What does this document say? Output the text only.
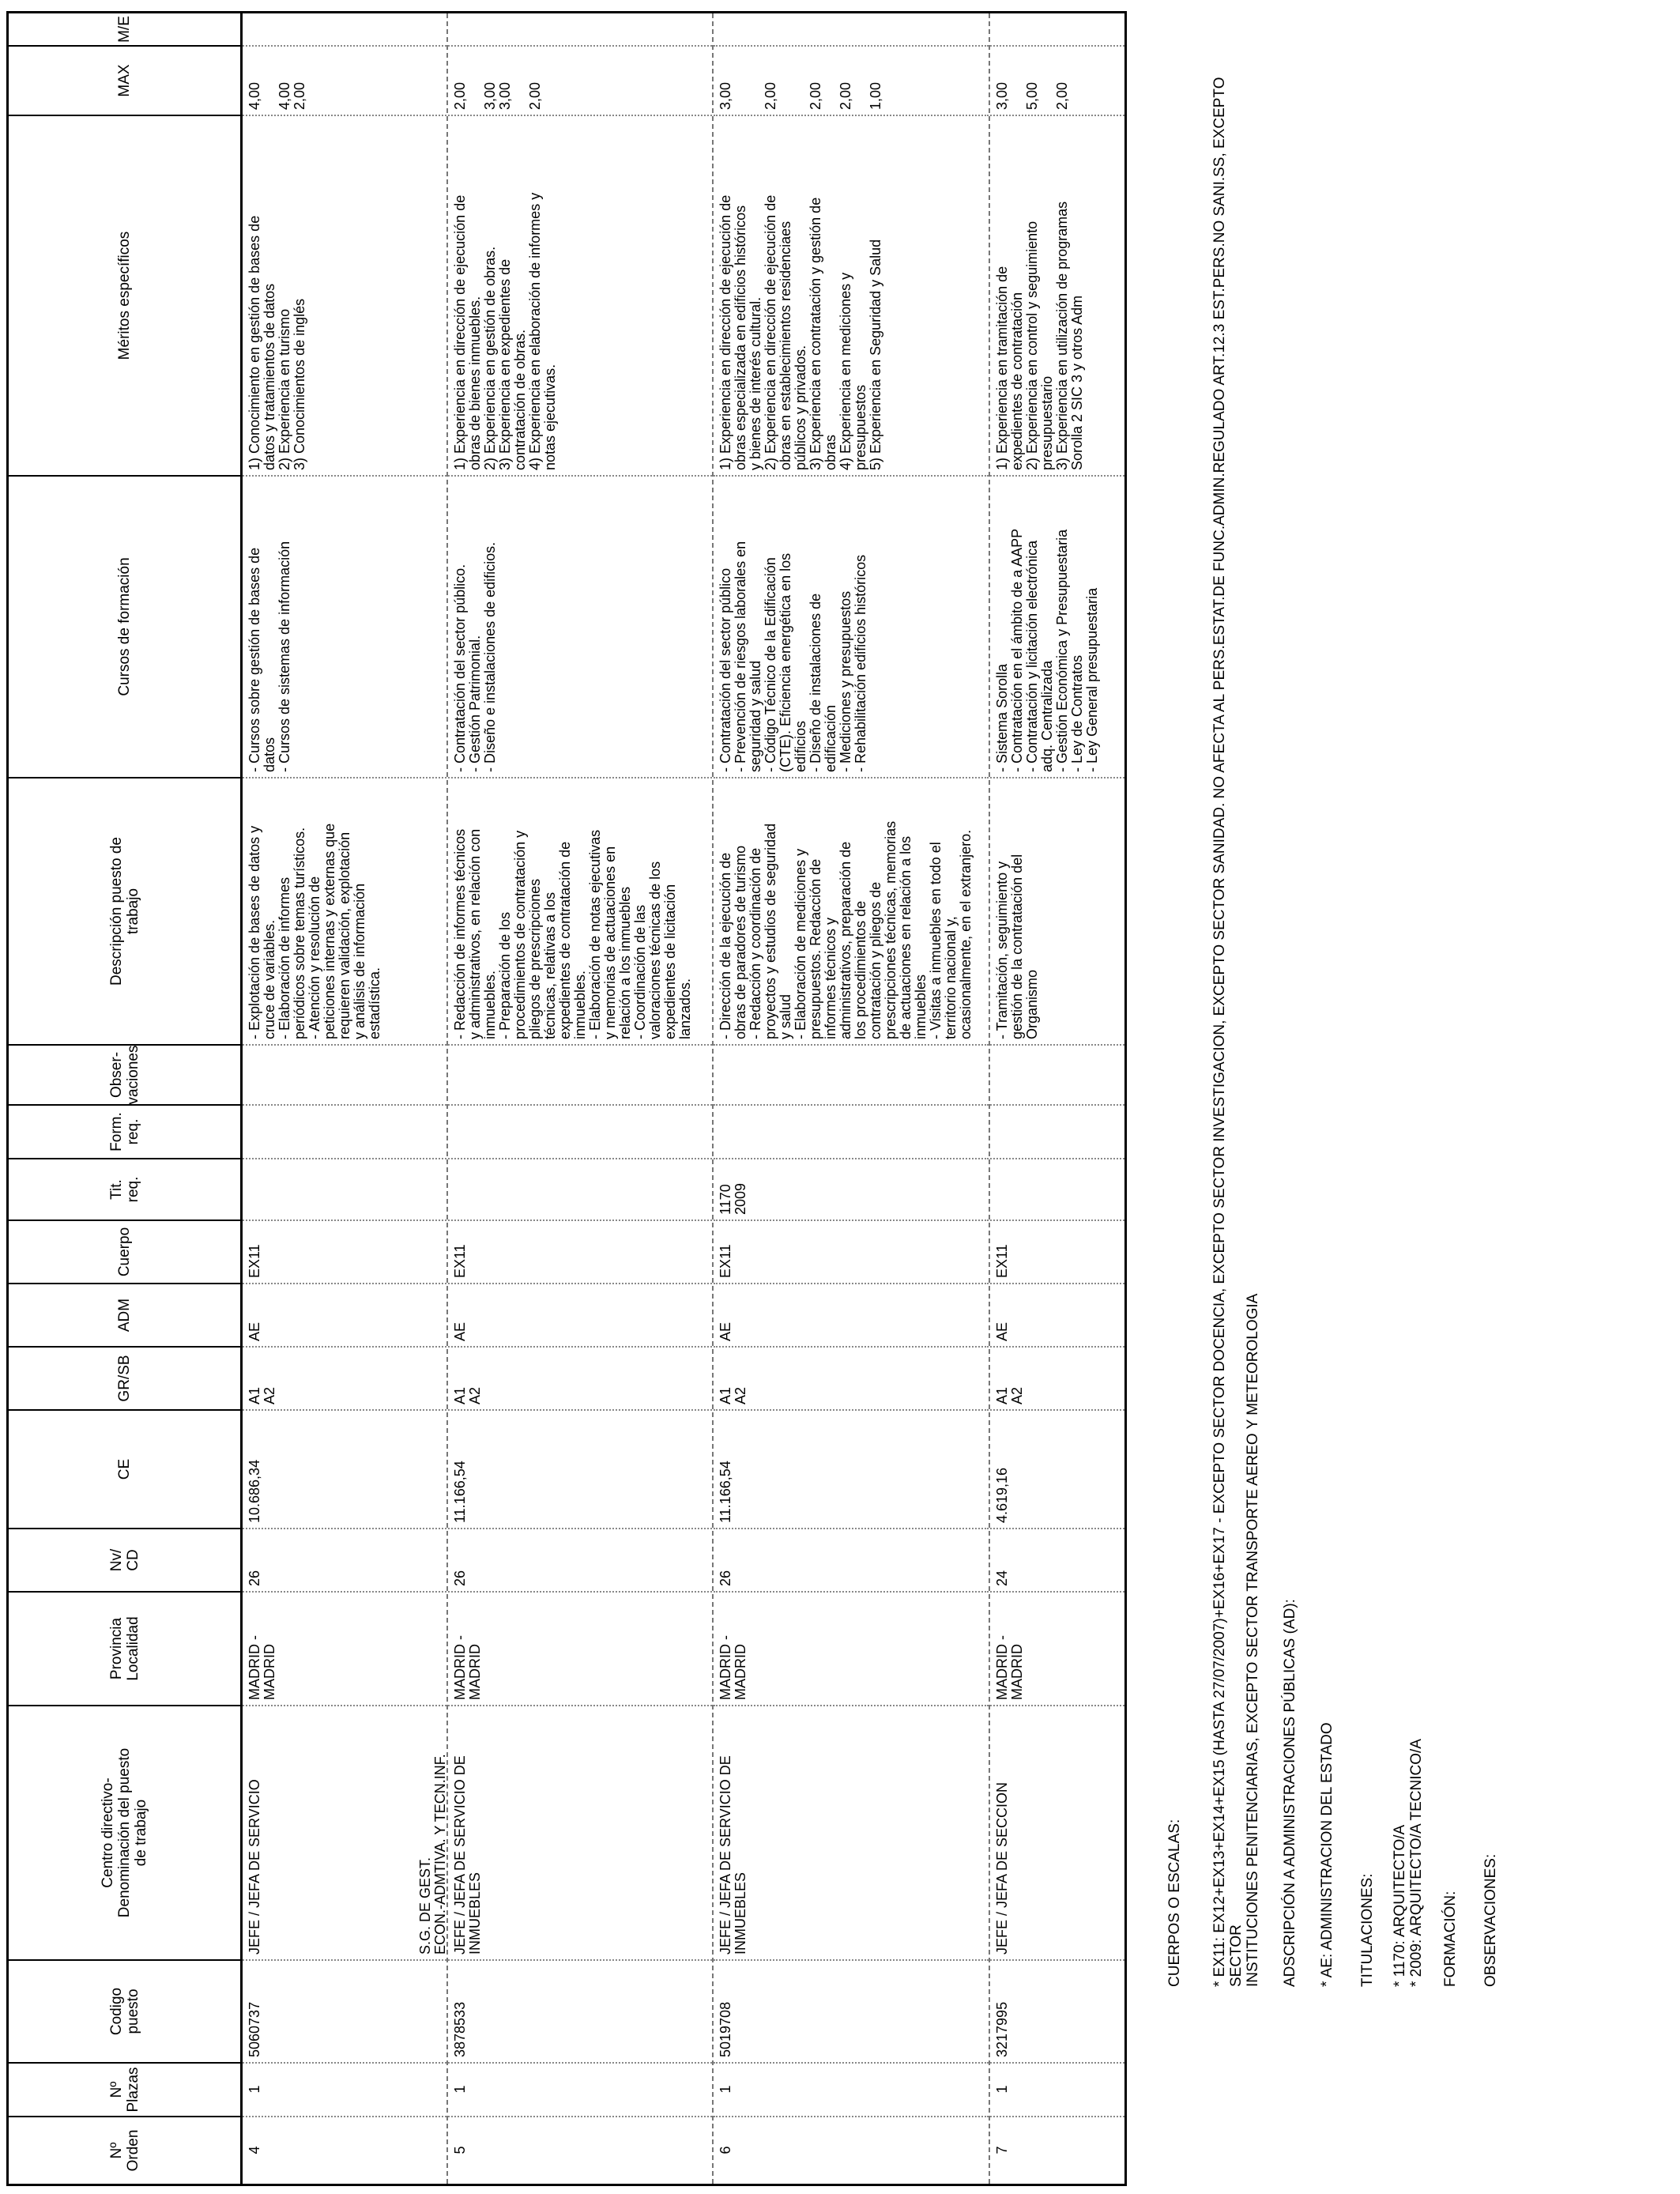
Nº
Orden
Nº
Plazas
Codigo
puesto
Centro directivo-
Denominación del puesto
de trabajo
Provincia
Localidad
Nv/
CD
CE
GR/SB
ADM
Cuerpo
Tit.
req.
Form.
req.
Obser-
vaciones
Descripción puesto de
trabajo
Cursos de formación
Méritos específicos
MAX
M/E
4
1
5060737
JEFE / JEFA DE SERVICIO
MADRID -
MADRID
26
10.686,34
A1
A2
AE
EX11
- Explotación de bases de datos y
cruce de variables.
- Elaboración de informes
periódicos sobre temas turísticos.
- Atención y resolución de
peticiones internas y externas que
requieren validación, explotación
y análisis de información
estadística.
- Cursos sobre gestión de bases de
datos
- Cursos de sistemas de información
1) Conocimiento en gestión de bases de
datos y tratamientos de datos
2) Experiencia en turismo
3) Conocimientos de inglés
4,00

4,00
2,00
5
1
3878533
S.G. DE GEST.
ECON.-ADMTIVA. Y TECN.INF.
JEFE / JEFA DE SERVICIO DE
INMUEBLES
MADRID -
MADRID
26
11.166,54
A1
A2
AE
EX11
- Redacción de informes técnicos
y administrativos, en relación con
inmuebles.
- Preparación de los
procedimientos de contratación y
pliegos de prescripciones
técnicas, relativas a los
expedientes de contratación de
inmuebles.
- Elaboración de notas ejecutivas
y memorias de actuaciones en
relación a los inmuebles
- Coordinación de las
valoraciones técnicas de los
expedientes de licitación
lanzados.
- Contratación del sector público.
- Gestión Patrimonial.
- Diseño e instalaciones de edificios.
1) Experiencia en dirección de ejecución de
obras de bienes inmuebles.
2) Experiencia en gestión de obras.
3) Experiencia en expedientes de
contratación de obras.
4) Experiencia en elaboración de informes y
notas ejecutivas.
2,00

3,00
3,00

2,00
6
1
5019708
JEFE / JEFA DE SERVICIO DE
INMUEBLES
MADRID -
MADRID
26
11.166,54
A1
A2
AE
EX11
1170
2009
- Dirección de la ejecución de
obras de paradores de turismo
- Redacción y coordinación de
proyectos y estudios de seguridad
y salud
- Elaboración de mediciones y
presupuestos. Redacción de
informes técnicos y
administrativos, preparación de
los procedimientos de
contratación y pliegos de
prescripciones técnicas, memorias
de actuaciones en relación a los
inmuebles
- Visitas a inmuebles en todo el
territorio nacional y,
ocasionalmente, en el extranjero.
- Contratación del sector público
- Prevención de riesgos laborales en
seguridad y salud
- Código Técnico de la Edificación
(CTE). Eficiencia energética en los
edificios
- Diseño de instalaciones de
edificación
- Mediciones y presupuestos
- Rehabilitación edificios históricos
1) Experiencia en dirección de ejecución de
obras especializada en edificios históricos
y bienes de interés cultural.
2) Experiencia en dirección de ejecución de
obras en establecimientos residenciaes
públicos y privados.
3) Experiencia en contratación y gestión de
obras
4) Experiencia en mediciones y
presupuestos
5) Experiencia en Seguridad y Salud
3,00

2,00

2,00

2,00

1,00
7
1
3217995
JEFE / JEFA DE SECCION
MADRID -
MADRID
24
4.619,16
A1
A2
AE
EX11
- Tramitación, seguimiento y
gestión de la contratación del
Organismo
- Sistema Sorolla
- Contratación en el ámbito de a AAPP
- Contratación y licitación electrónica
adq. Centralizada
- Gestión Económica y Presupuestaria
- Ley de Contratos
- Ley General presupuestaria
1) Experiencia en tramitación de
expedientes de contratación
2) Experiencia en control y seguimiento
presupuestario
3) Experiencia en utilización de programas
Sorolla 2 SIC 3 y otros Adm
3,00

5,00

2,00
CUERPOS O ESCALAS: * EX11: EX12+EX13+EX14+EX15 (HASTA 27/07/2007)+EX16+EX17 - EXCEPTO SECTOR DOCENCIA, EXCEPTO SECTOR INVESTIGACION, EXCEPTO SECTOR SANIDAD. NO AFECTA AL PERS.ESTAT.DE FUNC.ADMIN.REGULADO ART.12.3 EST.PERS.NO SANI.SS, EXCEPTO SECTOR
INSTITUCIONES PENITENCIARIAS, EXCEPTO SECTOR TRANSPORTE AEREO Y METEOROLOGIA
ADSCRIPCIÓN A ADMINISTRACIONES PÚBLICAS (AD): * AE: ADMINISTRACION DEL ESTADO TITULACIONES: * 1170: ARQUITECTO/A
* 2009: ARQUITECTO/A TECNICO/A
FORMACIÓN: OBSERVACIONES:
